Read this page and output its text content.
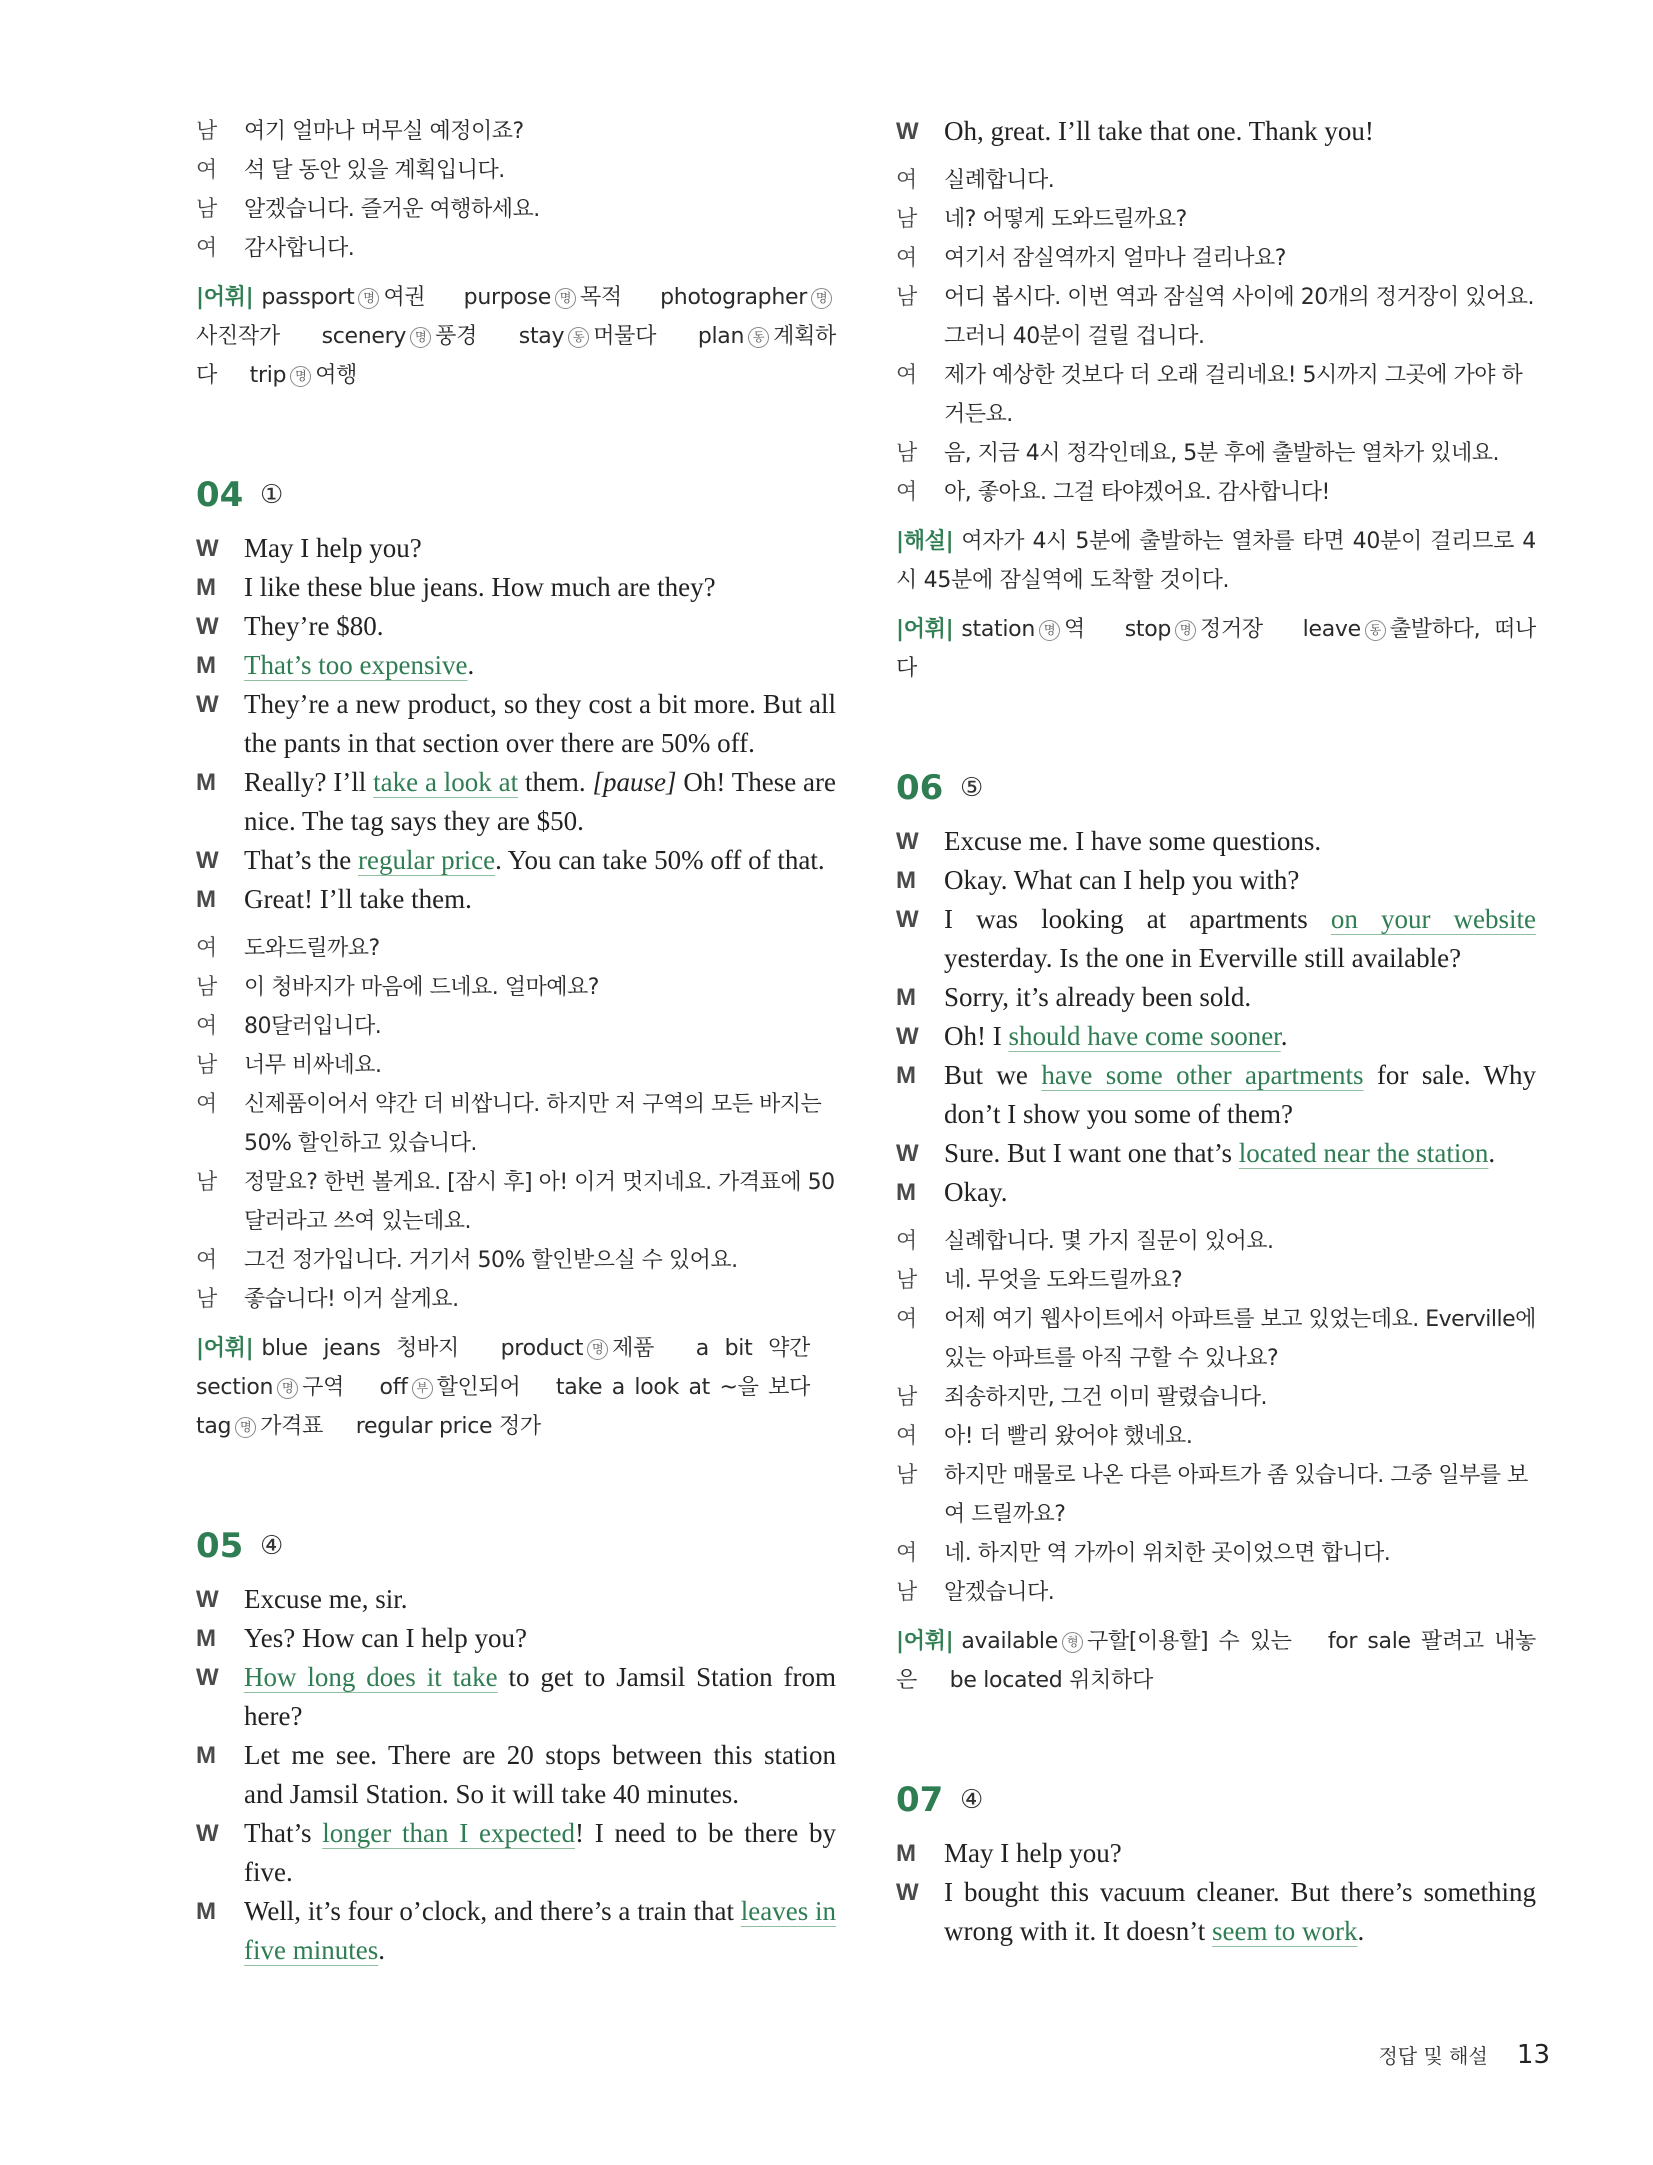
남	여기 얼마나 머무실 예정이죠?
여	석 달 동안 있을 계획입니다.
남	알겠습니다. 즐거운 여행하세요.
여	감사합니다.
|어휘| passport 명 여권 purpose 명 목적 photographer 명사진작가 scenery 명 풍경 stay 동 머물다 plan 동 계획하다 trip 명 여행
04 ①
W May I help you?
M	I like these blue jeans. How much are they?
W They’re $80.
M	That’s too expensive.
W They’re a new product, so they cost a bit more. But all the pants in that section over there are 50% off.
M	Really? I’ll take a look at them. [pause] Oh! These are nice. The tag says they are $50.
W That’s the regular price. You can take 50% off of that.
M	Great! I’ll take them.
여	도와드릴까요?
남	이 청바지가 마음에 드네요. 얼마예요?
여	80달러입니다.
남	너무 비싸네요.
여	신제품이어서 약간 더 비쌉니다. 하지만 저 구역의 모든 바지는 50% 할인하고 있습니다.
남	정말요? 한번 볼게요. [잠시 후] 아! 이거 멋지네요. 가격표에 50달러라고 쓰여 있는데요.
여	그건 정가입니다. 거기서 50% 할인받으실 수 있어요.
남	좋습니다! 이거 살게요.
|어휘| blue jeans 청바지 product 명 제품 a bit 약간 section 명 구역 off 부 할인되어 take a look at ~을 보다 tag 명 가격표 regular price 정가
05 ④
W Excuse me, sir.
M	Yes? How can I help you?
W How long does it take to get to Jamsil Station from here?
M	Let me see. There are 20 stops between this station and Jamsil Station. So it will take 40 minutes.
W That’s longer than I expected! I need to be there by five.
M	Well, it’s four o’clock, and there’s a train that leaves in five minutes.
W Oh, great. I’ll take that one. Thank you!
여	실례합니다.
남	네? 어떻게 도와드릴까요?
여	여기서 잠실역까지 얼마나 걸리나요?
남	어디 봅시다. 이번 역과 잠실역 사이에 20개의 정거장이 있어요. 그러니 40분이 걸릴 겁니다.
여	제가 예상한 것보다 더 오래 걸리네요! 5시까지 그곳에 가야 하거든요.
남	음, 지금 4시 정각인데요, 5분 후에 출발하는 열차가 있네요.
여	아, 좋아요. 그걸 타야겠어요. 감사합니다!
|해설| 여자가 4시 5분에 출발하는 열차를 타면 40분이 걸리므로 4시 45분에 잠실역에 도착할 것이다.
|어휘| station 명 역 stop 명 정거장 leave 동 출발하다, 떠나다
06 ⑤
W Excuse me. I have some questions.
M	Okay. What can I help you with?
W I was looking at apartments on your website yesterday. Is the one in Everville still available?
M	Sorry, it’s already been sold.
W Oh! I should have come sooner.
M	But we have some other apartments for sale. Why don’t I show you some of them?
W Sure. But I want one that’s located near the station.
M	Okay.
여	실례합니다. 몇 가지 질문이 있어요.
남	네. 무엇을 도와드릴까요?
여	어제 여기 웹사이트에서 아파트를 보고 있었는데요. Everville에 있는 아파트를 아직 구할 수 있나요?
남	죄송하지만, 그건 이미 팔렸습니다.
여	아! 더 빨리 왔어야 했네요.
남	하지만 매물로 나온 다른 아파트가 좀 있습니다. 그중 일부를 보여 드릴까요?
여	네. 하지만 역 가까이 위치한 곳이었으면 합니다.
남	알겠습니다.
|어휘| available 형 구할[이용할] 수 있는 for sale 팔려고 내놓은 be located 위치하다
07 ④
M	May I help you?
W I bought this vacuum cleaner. But there’s something wrong with it. It doesn’t seem to work.
정답 및 해설 13
